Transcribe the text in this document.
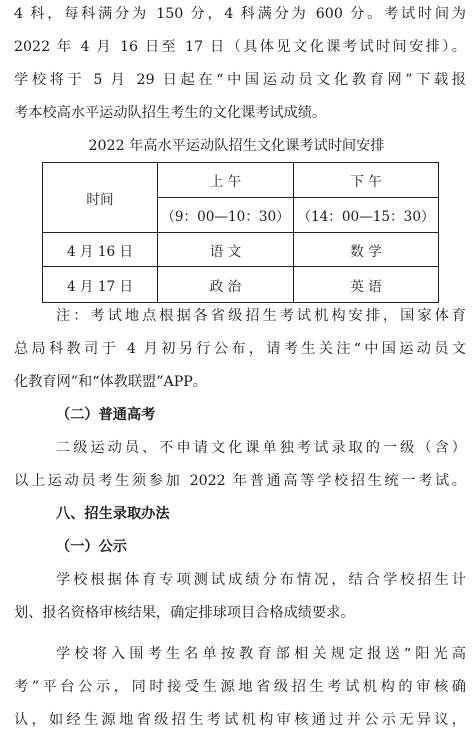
4 科，每科满分为 150 分，4 科满分为 600 分。考试时间为
2022 年 4 月 16 日至 17 日（具体见文化课考试时间安排）。
学校将于 5 月 29 日起在“中国运动员文化教育网”下载报
考本校高水平运动队招生考生的文化课考试成绩。
2022 年高水平运动队招生文化课考试时间安排
时间	上 午	下 午
	（9：00—10：30）	（14：00—15：30）
4 月 16 日	语 文	数 学
4 月 17 日	政 治	英 语
注：考试地点根据各省级招生考试机构安排，国家体育
总局科教司于 4 月初另行公布，请考生关注“中国运动员文
化教育网”和“体教联盟”APP。
（二）普通高考
二级运动员、不申请文化课单独考试录取的一级（含）
以上运动员考生须参加 2022 年普通高等学校招生统一考试。
八、招生录取办法
（一）公示
学校根据体育专项测试成绩分布情况，结合学校招生计
划、报名资格审核结果，确定排球项目合格成绩要求。
学校将入围考生名单按教育部相关规定报送“阳光高
考”平台公示，同时接受生源地省级招生考试机构的审核确
认，如经生源地省级招生考试机构审核通过并公示无异议，
